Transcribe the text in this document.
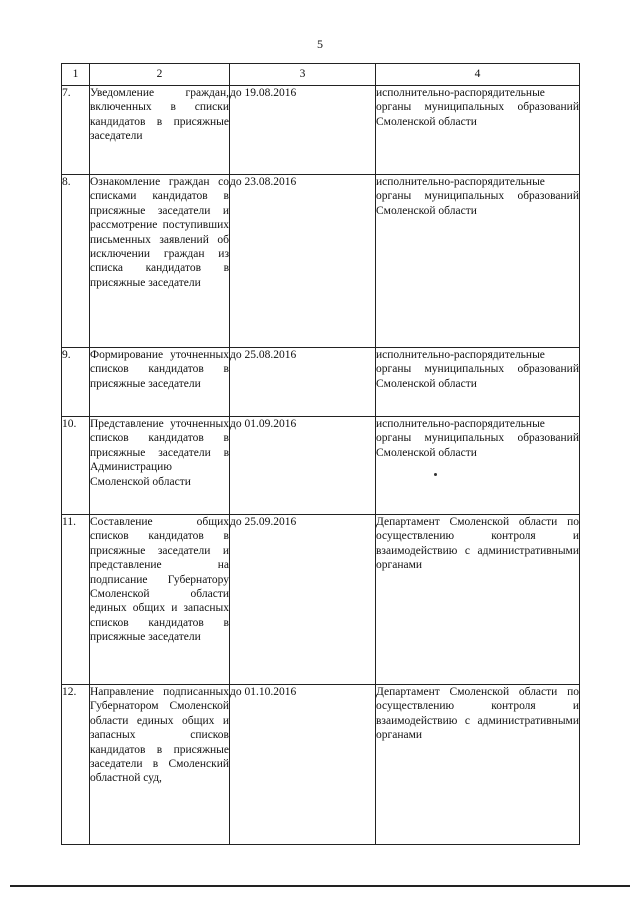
5
1	2	3	4
7.	Уведомление граждан, включенных в списки кандидатов в присяжные заседатели	до 19.08.2016	исполнительно-распорядительные органы муниципальных образований Смоленской области
8.	Ознакомление граждан со списками кандидатов в присяжные заседатели и рассмотрение поступивших письменных заявлений об исключении граждан из списка кандидатов в присяжные заседатели	до 23.08.2016	исполнительно-распорядительные органы муниципальных образований Смоленской области
9.	Формирование уточненных списков кандидатов в присяжные заседатели	до 25.08.2016	исполнительно-распорядительные органы муниципальных образований Смоленской области
10.	Представление уточненных списков кандидатов в присяжные заседатели в Администрацию Смоленской области	до 01.09.2016	исполнительно-распорядительные органы муниципальных образований Смоленской области
11.	Составление общих списков кандидатов в присяжные заседатели и представление на подписание Губернатору Смоленской области единых общих и запасных списков кандидатов в присяжные заседатели	до 25.09.2016	Департамент Смоленской области по осуществлению контроля и взаимодействию с административными органами
12.	Направление подписанных Губернатором Смоленской области единых общих и запасных списков кандидатов в присяжные заседатели в Смоленский областной суд,	до 01.10.2016	Департамент Смоленской области по осуществлению контроля и взаимодействию с административными органами
